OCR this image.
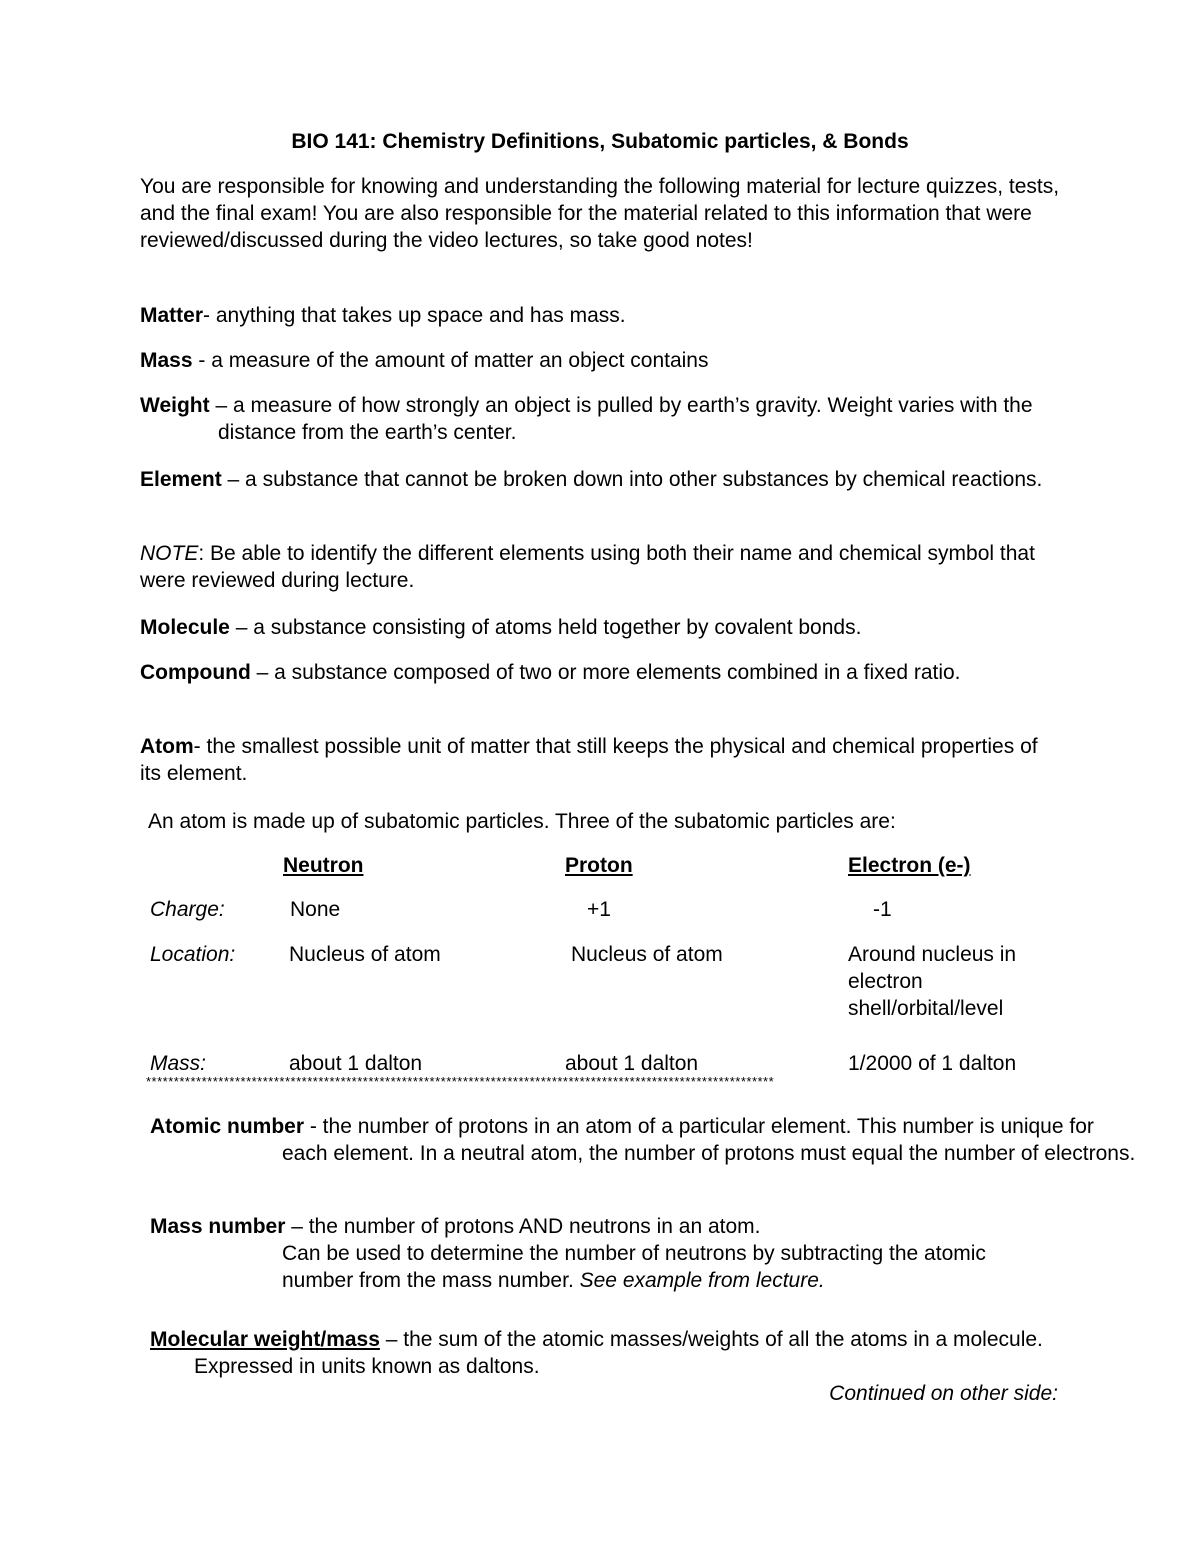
BIO 141: Chemistry Definitions, Subatomic particles, & Bonds
You are responsible for knowing and understanding the following material for lecture quizzes, tests, and the final exam! You are also responsible for the material related to this information that were reviewed/discussed during the video lectures, so take good notes!
Matter- anything that takes up space and has mass.
Mass - a measure of the amount of matter an object contains
Weight – a measure of how strongly an object is pulled by earth’s gravity. Weight varies with the distance from the earth’s center.
Element – a substance that cannot be broken down into other substances by chemical reactions.
NOTE: Be able to identify the different elements using both their name and chemical symbol that were reviewed during lecture.
Molecule – a substance consisting of atoms held together by covalent bonds.
Compound – a substance composed of two or more elements combined in a fixed ratio.
Atom- the smallest possible unit of matter that still keeps the physical and chemical properties of its element.
An atom is made up of subatomic particles. Three of the subatomic particles are:
Neutron	Proton	Electron (e-)
Charge:	None	+1	-1
Location:	Nucleus of atom	Nucleus of atom	Around nucleus in electron shell/orbital/level
Mass:	about 1 dalton	about 1 dalton	1/2000 of 1 dalton
*****************************************************************************************************************
Atomic number - the number of protons in an atom of a particular element. This number is unique for each element. In a neutral atom, the number of protons must equal the number of electrons.
Mass number – the number of protons AND neutrons in an atom.
Can be used to determine the number of neutrons by subtracting the atomic number from the mass number. See example from lecture.
Molecular weight/mass – the sum of the atomic masses/weights of all the atoms in a molecule. Expressed in units known as daltons.
Continued on other side:
